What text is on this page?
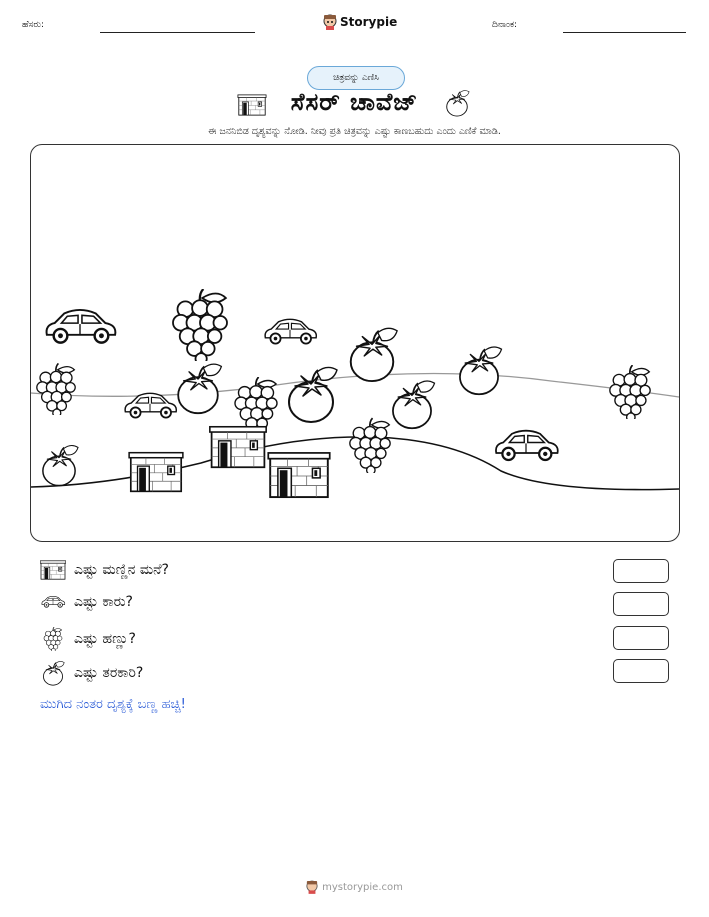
ಹೆಸರು:	Storypie	ದಿನಾಂಕ:
ಚಿತ್ರವನ್ನು ಎಣಿಸಿ
ಸೆಸರ್ ಚಾವೆಜ್
ಈ ಜನನಿಬಿಡ ದೃಶ್ಯವನ್ನು ನೋಡಿ. ನೀವು ಪ್ರತಿ ಚಿತ್ರವನ್ನು ಎಷ್ಟು ಕಾಣಬಹುದು ಎಂದು ಎಣಿಕೆ ಮಾಡಿ.
ಎಷ್ಟು ಮಣ್ಣಿನ ಮನೆ?
ಎಷ್ಟು ಕಾರು?
ಎಷ್ಟು ಹಣ್ಣು?
ಎಷ್ಟು ತರಕಾರಿ?
ಮುಗಿದ ನಂತರ ದೃಶ್ಯಕ್ಕೆ ಬಣ್ಣ ಹಚ್ಚಿ!
mystorypie.com
